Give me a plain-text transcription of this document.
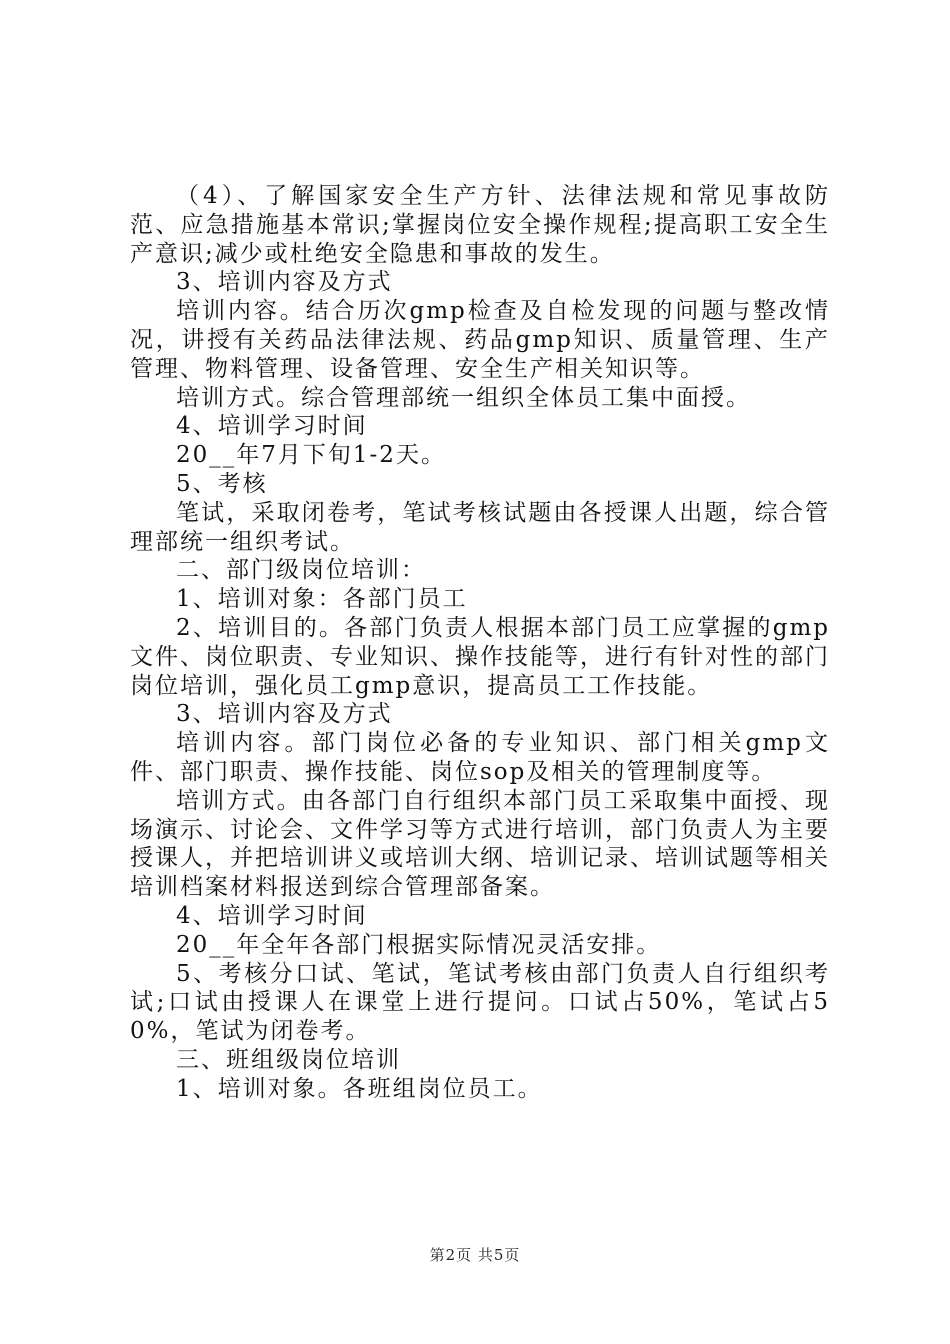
（4）、了解国家安全生产方针、法律法规和常见事故防范、应急措施基本常识;掌握岗位安全操作规程;提高职工安全生产意识;减少或杜绝安全隐患和事故的发生。

3、培训内容及方式

培训内容。结合历次gmp检查及自检发现的问题与整改情况，讲授有关药品法律法规、药品gmp知识、质量管理、生产管理、物料管理、设备管理、安全生产相关知识等。

培训方式。综合管理部统一组织全体员工集中面授。

4、培训学习时间

20__年7月下旬1-2天。

5、考核

笔试，采取闭卷考，笔试考核试题由各授课人出题，综合管理部统一组织考试。

二、部门级岗位培训：

1、培训对象：各部门员工

2、培训目的。各部门负责人根据本部门员工应掌握的gmp文件、岗位职责、专业知识、操作技能等，进行有针对性的部门岗位培训，强化员工gmp意识，提高员工工作技能。

3、培训内容及方式

培训内容。部门岗位必备的专业知识、部门相关gmp文件、部门职责、操作技能、岗位sop及相关的管理制度等。

培训方式。由各部门自行组织本部门员工采取集中面授、现场演示、讨论会、文件学习等方式进行培训，部门负责人为主要授课人，并把培训讲义或培训大纲、培训记录、培训试题等相关培训档案材料报送到综合管理部备案。

4、培训学习时间

20__年全年各部门根据实际情况灵活安排。

5、考核分口试、笔试，笔试考核由部门负责人自行组织考试;口试由授课人在课堂上进行提问。口试占50%，笔试占50%，笔试为闭卷考。

三、班组级岗位培训

1、培训对象。各班组岗位员工。

第2页 共5页
